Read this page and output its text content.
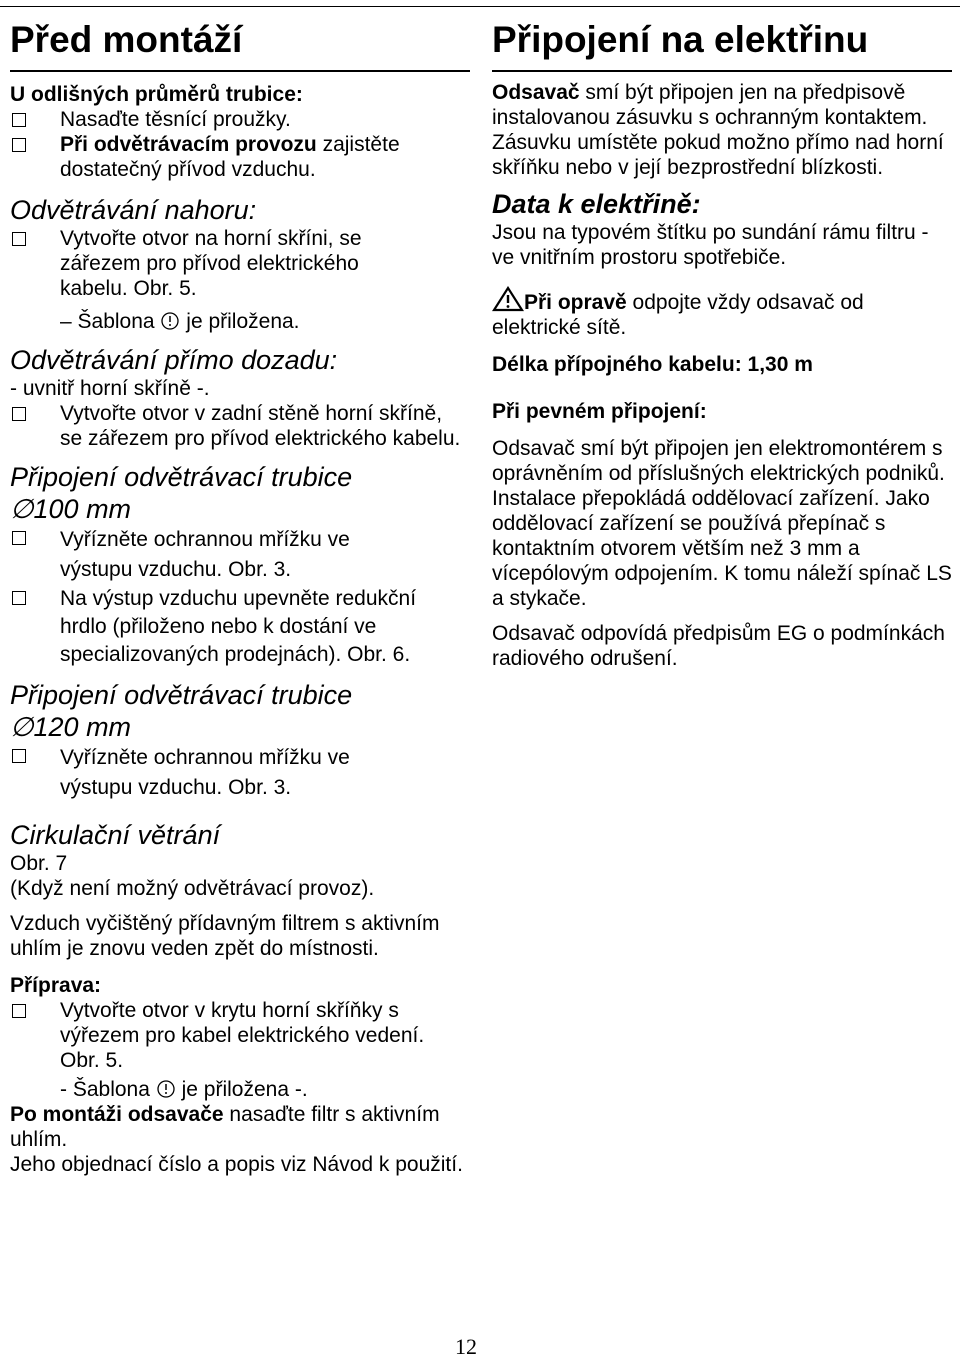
Před montáží

U odlišných průměrů trubice:

Nasaďte těsnící proužky.
Při odvětrávacím provozu zajistěte dostatečný přívod vzduchu.

Odvětrávání nahoru:

Vytvořte otvor na horní skříni, se zářezem pro přívod elektrického kabelu. Obr. 5.
– Šablona je přiložena.

Odvětrávání přímo dozadu:

- uvnitř horní skříně -.

Vytvořte otvor v zadní stěně horní skříně, se zářezem pro přívod elektrického kabelu.

Připojení odvětrávací trubice

∅100 mm

Vyřízněte ochrannou mřížku ve výstupu vzduchu. Obr. 3.
Na výstup vzduchu upevněte redukční hrdlo (přiloženo nebo k dostání ve specializovaných prodejnách). Obr. 6.

Připojení odvětrávací trubice

∅120 mm

Vyřízněte ochrannou mřížku ve výstupu vzduchu. Obr. 3.

Cirkulační větrání

Obr. 7

(Když není možný odvětrávací provoz).

Vzduch vyčištěný přídavným filtrem s aktivním uhlím je znovu veden zpět do místnosti.

Příprava:

Vytvořte otvor v krytu horní skříňky s výřezem pro kabel elektrického vedení. Obr. 5.
- Šablona je přiložena -.

Po montáži odsavače nasaďte filtr s aktivním uhlím.

Jeho objednací číslo a popis viz Návod k použití.

Připojení na elektřinu

Odsavač smí být připojen jen na předpisově instalovanou zásuvku s ochranným kontaktem.

Zásuvku umístěte pokud možno přímo nad horní skříňku nebo v její bezprostřední blízkosti.

Data k elektřině:

Jsou na typovém štítku po sundání rámu filtru - ve vnitřním prostoru spotřebiče.

Při opravě odpojte vždy odsavač od elektrické sítě.

Délka přípojného kabelu: 1,30 m

Při pevném připojení:

Odsavač smí být připojen jen elektromontérem s oprávněním od příslušných elektrických podniků. Instalace přepokládá oddělovací zařízení. Jako oddělovací zařízení se používá přepínač s kontaktním otvorem větším než 3 mm a vícepólovým odpojením. K tomu náleží spínač LS a stykače.

Odsavač odpovídá předpisům EG o podmínkách radiového odrušení.

12
